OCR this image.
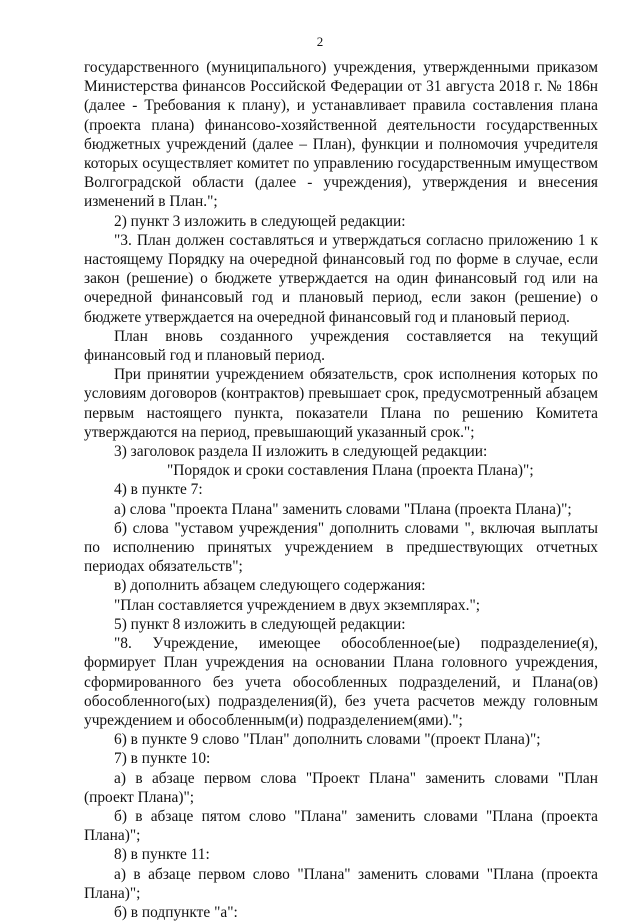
2

государственного (муниципального) учреждения, утвержденными приказом Министерства финансов Российской Федерации от 31 августа 2018 г. № 186н (далее - Требования к плану), и устанавливает правила составления плана (проекта плана) финансово-хозяйственной деятельности государственных бюджетных учреждений (далее – План), функции и полномочия учредителя которых осуществляет комитет по управлению государственным имуществом Волгоградской области (далее - учреждения), утверждения и внесения изменений в План.";

2) пункт 3 изложить в следующей редакции:

"3. План должен составляться и утверждаться согласно приложению 1 к настоящему Порядку на очередной финансовый год по форме в случае, если закон (решение) о бюджете утверждается на один финансовый год или на очередной финансовый год и плановый период, если закон (решение) о бюджете утверждается на очередной финансовый год и плановый период.

План вновь созданного учреждения составляется на текущий финансовый год и плановый период.

При принятии учреждением обязательств, срок исполнения которых по условиям договоров (контрактов) превышает срок, предусмотренный абзацем первым настоящего пункта, показатели Плана по решению Комитета утверждаются на период, превышающий указанный срок.";

3) заголовок раздела II изложить в следующей редакции:

"Порядок и сроки составления Плана (проекта Плана)";

4) в пункте 7:

а) слова "проекта Плана" заменить словами "Плана (проекта Плана)";

б) слова "уставом учреждения" дополнить словами ", включая выплаты по исполнению принятых учреждением в предшествующих отчетных периодах обязательств";

в) дополнить абзацем следующего содержания:

"План составляется учреждением в двух экземплярах.";

5) пункт 8 изложить в следующей редакции:

"8. Учреждение, имеющее обособленное(ые) подразделение(я), формирует План учреждения на основании Плана головного учреждения, сформированного без учета обособленных подразделений, и Плана(ов) обособленного(ых) подразделения(й), без учета расчетов между головным учреждением и обособленным(и) подразделением(ями).";

6) в пункте 9 слово "План" дополнить словами "(проект Плана)";

7) в пункте 10:

а) в абзаце первом слова "Проект Плана" заменить словами "План (проект Плана)";

б) в абзаце пятом слово "Плана" заменить словами "Плана (проекта Плана)";

8) в пункте 11:

а) в абзаце первом слово "Плана" заменить словами "Плана (проекта Плана)";

б) в подпункте "а":
